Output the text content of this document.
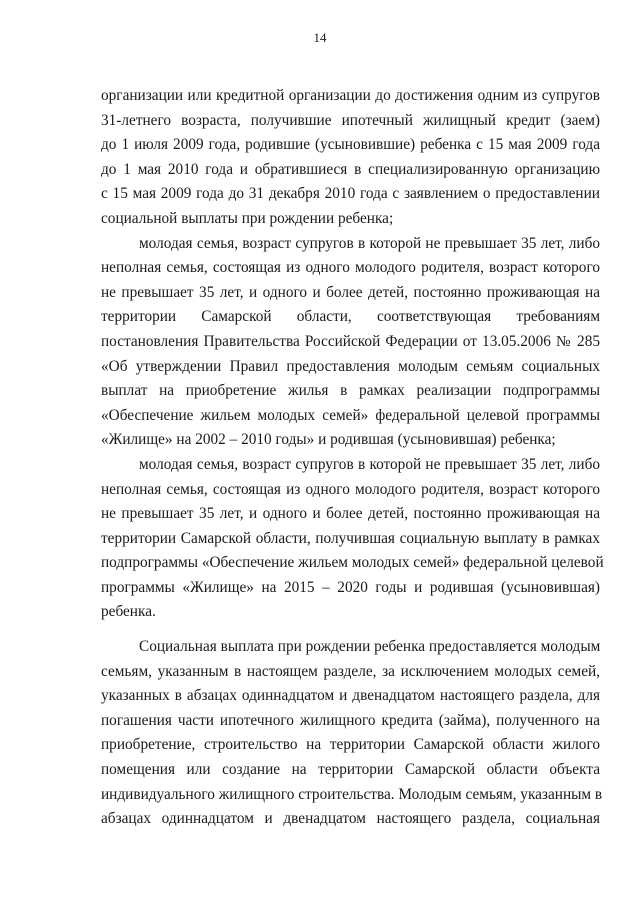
14
организации или кредитной организации до достижения одним из супругов
31-летнего возраста, получившие ипотечный жилищный кредит (заем)
до 1 июля 2009 года, родившие (усыновившие) ребенка с 15 мая 2009 года
до 1 мая 2010 года и обратившиеся в специализированную организацию
с 15 мая 2009 года до 31 декабря 2010 года с заявлением о предоставлении
социальной выплаты при рождении ребенка;
молодая семья, возраст супругов в которой не превышает 35 лет, либо
неполная семья, состоящая из одного молодого родителя, возраст которого
не превышает 35 лет, и одного и более детей, постоянно проживающая на
территории Самарской области, соответствующая требованиям
постановления Правительства Российской Федерации от 13.05.2006 № 285
«Об утверждении Правил предоставления молодым семьям социальных
выплат на приобретение жилья в рамках реализации подпрограммы
«Обеспечение жильем молодых семей» федеральной целевой программы
«Жилище» на 2002 – 2010 годы» и родившая (усыновившая) ребенка;
молодая семья, возраст супругов в которой не превышает 35 лет, либо
неполная семья, состоящая из одного молодого родителя, возраст которого
не превышает 35 лет, и одного и более детей, постоянно проживающая на
территории Самарской области, получившая социальную выплату в рамках
подпрограммы «Обеспечение жильем молодых семей» федеральной целевой
программы «Жилище» на 2015 – 2020 годы и родившая (усыновившая)
ребенка.
Социальная выплата при рождении ребенка предоставляется молодым
семьям, указанным в настоящем разделе, за исключением молодых семей,
указанных в абзацах одиннадцатом и двенадцатом настоящего раздела, для
погашения части ипотечного жилищного кредита (займа), полученного на
приобретение, строительство на территории Самарской области жилого
помещения или создание на территории Самарской области объекта
индивидуального жилищного строительства. Молодым семьям, указанным в
абзацах одиннадцатом и двенадцатом настоящего раздела, социальная
